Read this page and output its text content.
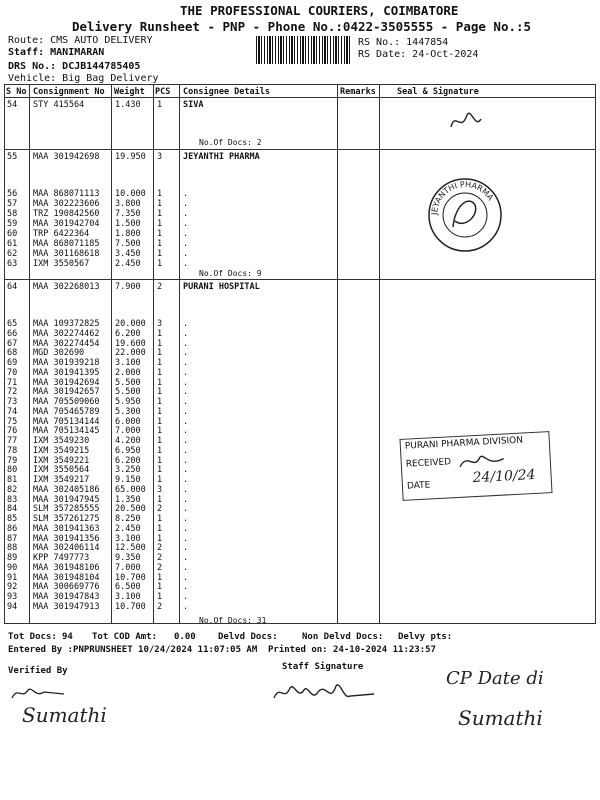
THE PROFESSIONAL COURIERS, COIMBATORE
Delivery Runsheet - PNP - Phone No.:0422-3505555 - Page No.:5
Route: CMS AUTO DELIVERY
Staff: MANIMARAN
DRS No.: DCJB144785405
Vehicle: Big Bag Delivery
RS No.: 1447854
RS Date: 24-Oct-2024
S No Consignment No Weight PCS Consignee Details	Remarks Seal & Signature
54 STY 415564	1.430 1 SIVA
No.Of Docs: 2
55 MAA 301942698 19.950 3 JEYANTHI PHARMA
56 MAA 868071113 10.000 1 .
57 MAA 302223606 3.800 1 .
58 TRZ 190842560 7.350 1 .
59 MAA 301942704 1.500 1 .
60 TRP 6422364	1.800 1 .
61 MAA 868071185 7.500 1 .
62 MAA 301168618 3.450 1 .
63 IXM 3550567	2.450 1 .
No.Of Docs: 9
64 MAA 302268013 7.900 2 PURANI HOSPITAL
65 MAA 109372825 20.000 3 .
66 MAA 302274462 6.200 1 .
67 MAA 302274454 19.600 1 .
68 MGD 302690	22.000 1 .
69 MAA 301939218 3.100 1 .
70 MAA 301941395 2.000 1 .
71 MAA 301942694 5.500 1 .
72 MAA 301942657 5.500 1 .
73 MAA 705509060 5.950 1 .
74 MAA 705465789 5.300 1 .
75 MAA 705134144 6.000 1 .
76 MAA 705134145 7.000 1 .
77 IXM 3549230	4.200 1 .
78 IXM 3549215	6.950 1 .
79 IXM 3549221	6.200 1 .
80 IXM 3550564	3.250 1 .
81 IXM 3549217	9.150 1 .
82 MAA 302405186 65.000 3 .
83 MAA 301947945 1.350 1 .
84 SLM 357285555 20.500 2 .
85 SLM 357261275 8.250 1 .
86 MAA 301941363 2.450 1 .
87 MAA 301941356 3.100 1 .
88 MAA 302406114 12.500 2 .
89 KPP 7497773	9.350 2 .
90 MAA 301948106 7.000 2 .
91 MAA 301948104 10.700 1 .
92 MAA 300669776 6.500 1 .
93 MAA 301947843 3.100 1 .
94 MAA 301947913 10.700 2 .
No.Of Docs: 31
JEYANTHI PHARMA
PURANI PHARMA DIVISION
RECEIVED
DATE	24/10/24
Tot Docs: 94 Tot COD Amt: 0.00 Delvd Docs:	Non Delvd Docs: Delvy pts:
Entered By :PNPRUNSHEET 10/24/2024 11:07:05 AM Printed on: 24-10-2024 11:23:57
Verified By	Staff Signature
Sumathi
CP Date di
Sumathi
